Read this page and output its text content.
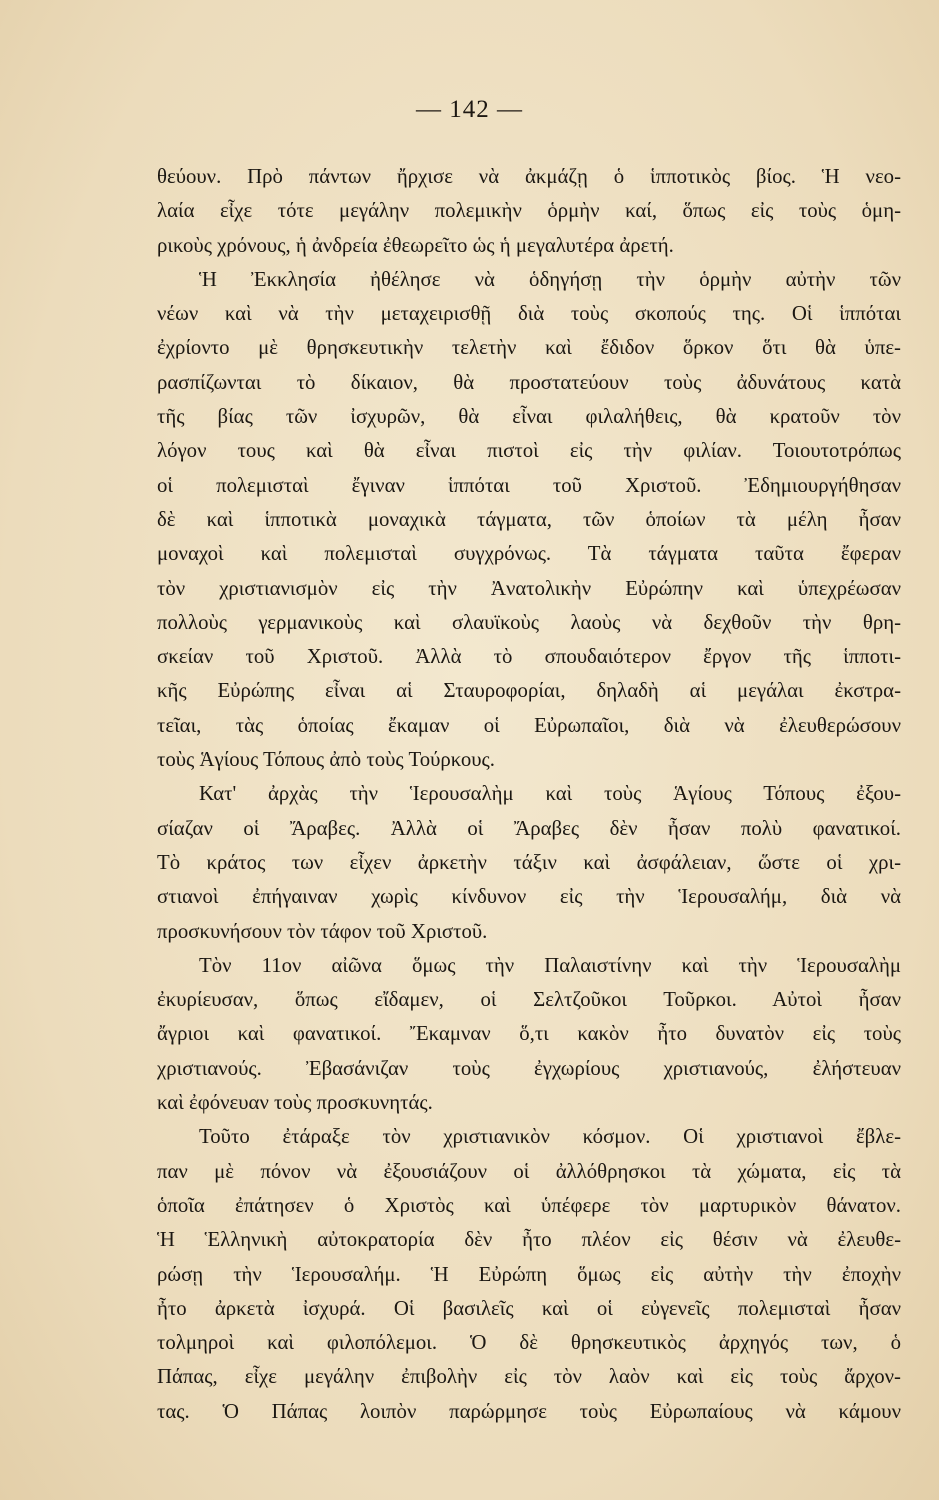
— 142 —
θεύουν. Πρὸ πάντων ἤρχισε νὰ ἀκμάζῃ ὁ ἱπποτικὸς βίος. Ἡ νεο-
λαία εἶχε τότε μεγάλην πολεμικὴν ὁρμὴν καί, ὅπως εἰς τοὺς ὁμη-
ρικοὺς χρόνους, ἡ ἀνδρεία ἐθεωρεῖτο ὡς ἡ μεγαλυτέρα ἀρετή.
Ἡ Ἐκκλησία ἠθέλησε νὰ ὁδηγήσῃ τὴν ὁρμὴν αὐτὴν τῶν
νέων καὶ νὰ τὴν μεταχειρισθῇ διὰ τοὺς σκοπούς της. Οἱ ἱππόται
ἐχρίοντο μὲ θρησκευτικὴν τελετὴν καὶ ἔδιδον ὅρκον ὅτι θὰ ὑπε-
ρασπίζωνται τὸ δίκαιον, θὰ προστατεύουν τοὺς ἀδυνάτους κατὰ
τῆς βίας τῶν ἰσχυρῶν, θὰ εἶναι φιλαλήθεις, θὰ κρατοῦν τὸν
λόγον τους καὶ θὰ εἶναι πιστοὶ εἰς τὴν φιλίαν. Τοιουτοτρόπως
οἱ πολεμισταὶ ἔγιναν ἱππόται τοῦ Χριστοῦ. Ἐδημιουργήθησαν
δὲ καὶ ἱπποτικὰ μοναχικὰ τάγματα, τῶν ὁποίων τὰ μέλη ἦσαν
μοναχοὶ καὶ πολεμισταὶ συγχρόνως. Τὰ τάγματα ταῦτα ἔφεραν
τὸν χριστιανισμὸν εἰς τὴν Ἀνατολικὴν Εὐρώπην καὶ ὑπεχρέωσαν
πολλοὺς γερμανικοὺς καὶ σλαυϊκοὺς λαοὺς νὰ δεχθοῦν τὴν θρη-
σκείαν τοῦ Χριστοῦ. Ἀλλὰ τὸ σπουδαιότερον ἔργον τῆς ἱπποτι-
κῆς Εὐρώπης εἶναι αἱ Σταυροφορίαι, δηλαδὴ αἱ μεγάλαι ἐκστρα-
τεῖαι, τὰς ὁποίας ἔκαμαν οἱ Εὐρωπαῖοι, διὰ νὰ ἐλευθερώσουν
τοὺς Ἁγίους Τόπους ἀπὸ τοὺς Τούρκους.
Κατ' ἀρχὰς τὴν Ἱερουσαλὴμ καὶ τοὺς Ἁγίους Τόπους ἐξου-
σίαζαν οἱ Ἄραβες. Ἀλλὰ οἱ Ἄραβες δὲν ἦσαν πολὺ φανατικοί.
Τὸ κράτος των εἶχεν ἀρκετὴν τάξιν καὶ ἀσφάλειαν, ὥστε οἱ χρι-
στιανοὶ ἐπήγαιναν χωρὶς κίνδυνον εἰς τὴν Ἱερουσαλήμ, διὰ νὰ
προσκυνήσουν τὸν τάφον τοῦ Χριστοῦ.
Τὸν 11ον αἰῶνα ὅμως τὴν Παλαιστίνην καὶ τὴν Ἱερουσαλὴμ
ἐκυρίευσαν, ὅπως εἴδαμεν, οἱ Σελτζοῦκοι Τοῦρκοι. Αὐτοὶ ἦσαν
ἄγριοι καὶ φανατικοί. Ἔκαμναν ὅ,τι κακὸν ἦτο δυνατὸν εἰς τοὺς
χριστιανούς. Ἐβασάνιζαν τοὺς ἐγχωρίους χριστιανούς, ἐλήστευαν
καὶ ἐφόνευαν τοὺς προσκυνητάς.
Τοῦτο ἐτάραξε τὸν χριστιανικὸν κόσμον. Οἱ χριστιανοὶ ἔβλε-
παν μὲ πόνον νὰ ἐξουσιάζουν οἱ ἀλλόθρησκοι τὰ χώματα, εἰς τὰ
ὁποῖα ἐπάτησεν ὁ Χριστὸς καὶ ὑπέφερε τὸν μαρτυρικὸν θάνατον.
Ἡ Ἑλληνικὴ αὐτοκρατορία δὲν ἦτο πλέον εἰς θέσιν νὰ ἐλευθε-
ρώσῃ τὴν Ἱερουσαλήμ. Ἡ Εὐρώπη ὅμως εἰς αὐτὴν τὴν ἐποχὴν
ἦτο ἀρκετὰ ἰσχυρά. Οἱ βασιλεῖς καὶ οἱ εὐγενεῖς πολεμισταὶ ἦσαν
τολμηροὶ καὶ φιλοπόλεμοι. Ὁ δὲ θρησκευτικὸς ἀρχηγός των, ὁ
Πάπας, εἶχε μεγάλην ἐπιβολὴν εἰς τὸν λαὸν καὶ εἰς τοὺς ἄρχον-
τας. Ὁ Πάπας λοιπὸν παρώρμησε τοὺς Εὐρωπαίους νὰ κάμουν
